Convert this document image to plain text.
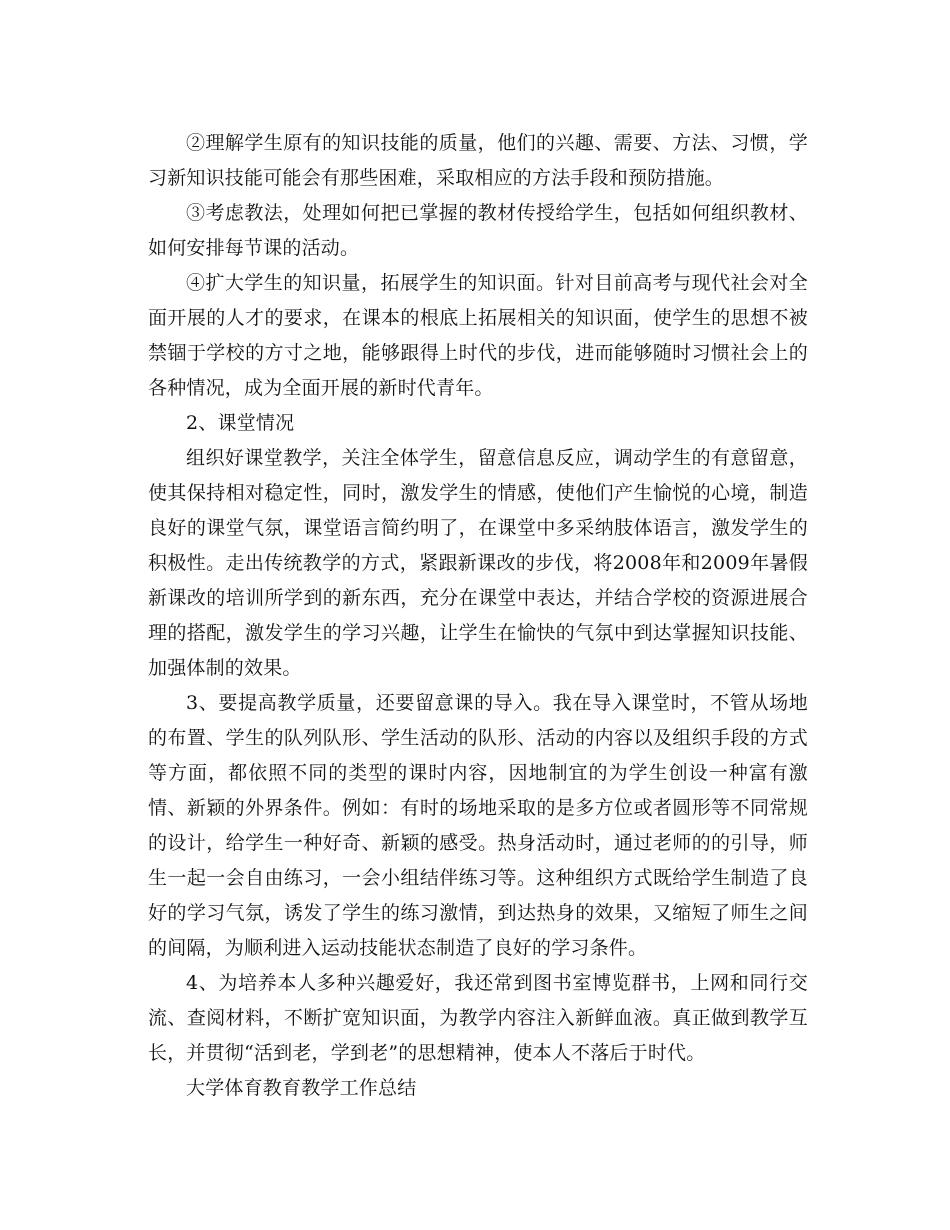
②理解学生原有的知识技能的质量，他们的兴趣、需要、方法、习惯，学习新知识技能可能会有那些困难，采取相应的方法手段和预防措施。

③考虑教法，处理如何把已掌握的教材传授给学生，包括如何组织教材、如何安排每节课的活动。

④扩大学生的知识量，拓展学生的知识面。针对目前高考与现代社会对全面开展的人才的要求，在课本的根底上拓展相关的知识面，使学生的思想不被禁锢于学校的方寸之地，能够跟得上时代的步伐，进而能够随时习惯社会上的各种情况，成为全面开展的新时代青年。

2、课堂情况

组织好课堂教学，关注全体学生，留意信息反应，调动学生的有意留意，使其保持相对稳定性，同时，激发学生的情感，使他们产生愉悦的心境，制造良好的课堂气氛，课堂语言简约明了，在课堂中多采纳肢体语言，激发学生的积极性。走出传统教学的方式，紧跟新课改的步伐，将2008年和2009年暑假新课改的培训所学到的新东西，充分在课堂中表达，并结合学校的资源进展合理的搭配，激发学生的学习兴趣，让学生在愉快的气氛中到达掌握知识技能、加强体制的效果。

3、要提高教学质量，还要留意课的导入。我在导入课堂时，不管从场地的布置、学生的队列队形、学生活动的队形、活动的内容以及组织手段的方式等方面，都依照不同的类型的课时内容，因地制宜的为学生创设一种富有激情、新颖的外界条件。例如：有时的场地采取的是多方位或者圆形等不同常规的设计，给学生一种好奇、新颖的感受。热身活动时，通过老师的的引导，师生一起一会自由练习，一会小组结伴练习等。这种组织方式既给学生制造了良好的学习气氛，诱发了学生的练习激情，到达热身的效果，又缩短了师生之间的间隔，为顺利进入运动技能状态制造了良好的学习条件。

4、为培养本人多种兴趣爱好，我还常到图书室博览群书，上网和同行交流、查阅材料，不断扩宽知识面，为教学内容注入新鲜血液。真正做到教学互长，并贯彻“活到老，学到老”的思想精神，使本人不落后于时代。

大学体育教育教学工作总结
